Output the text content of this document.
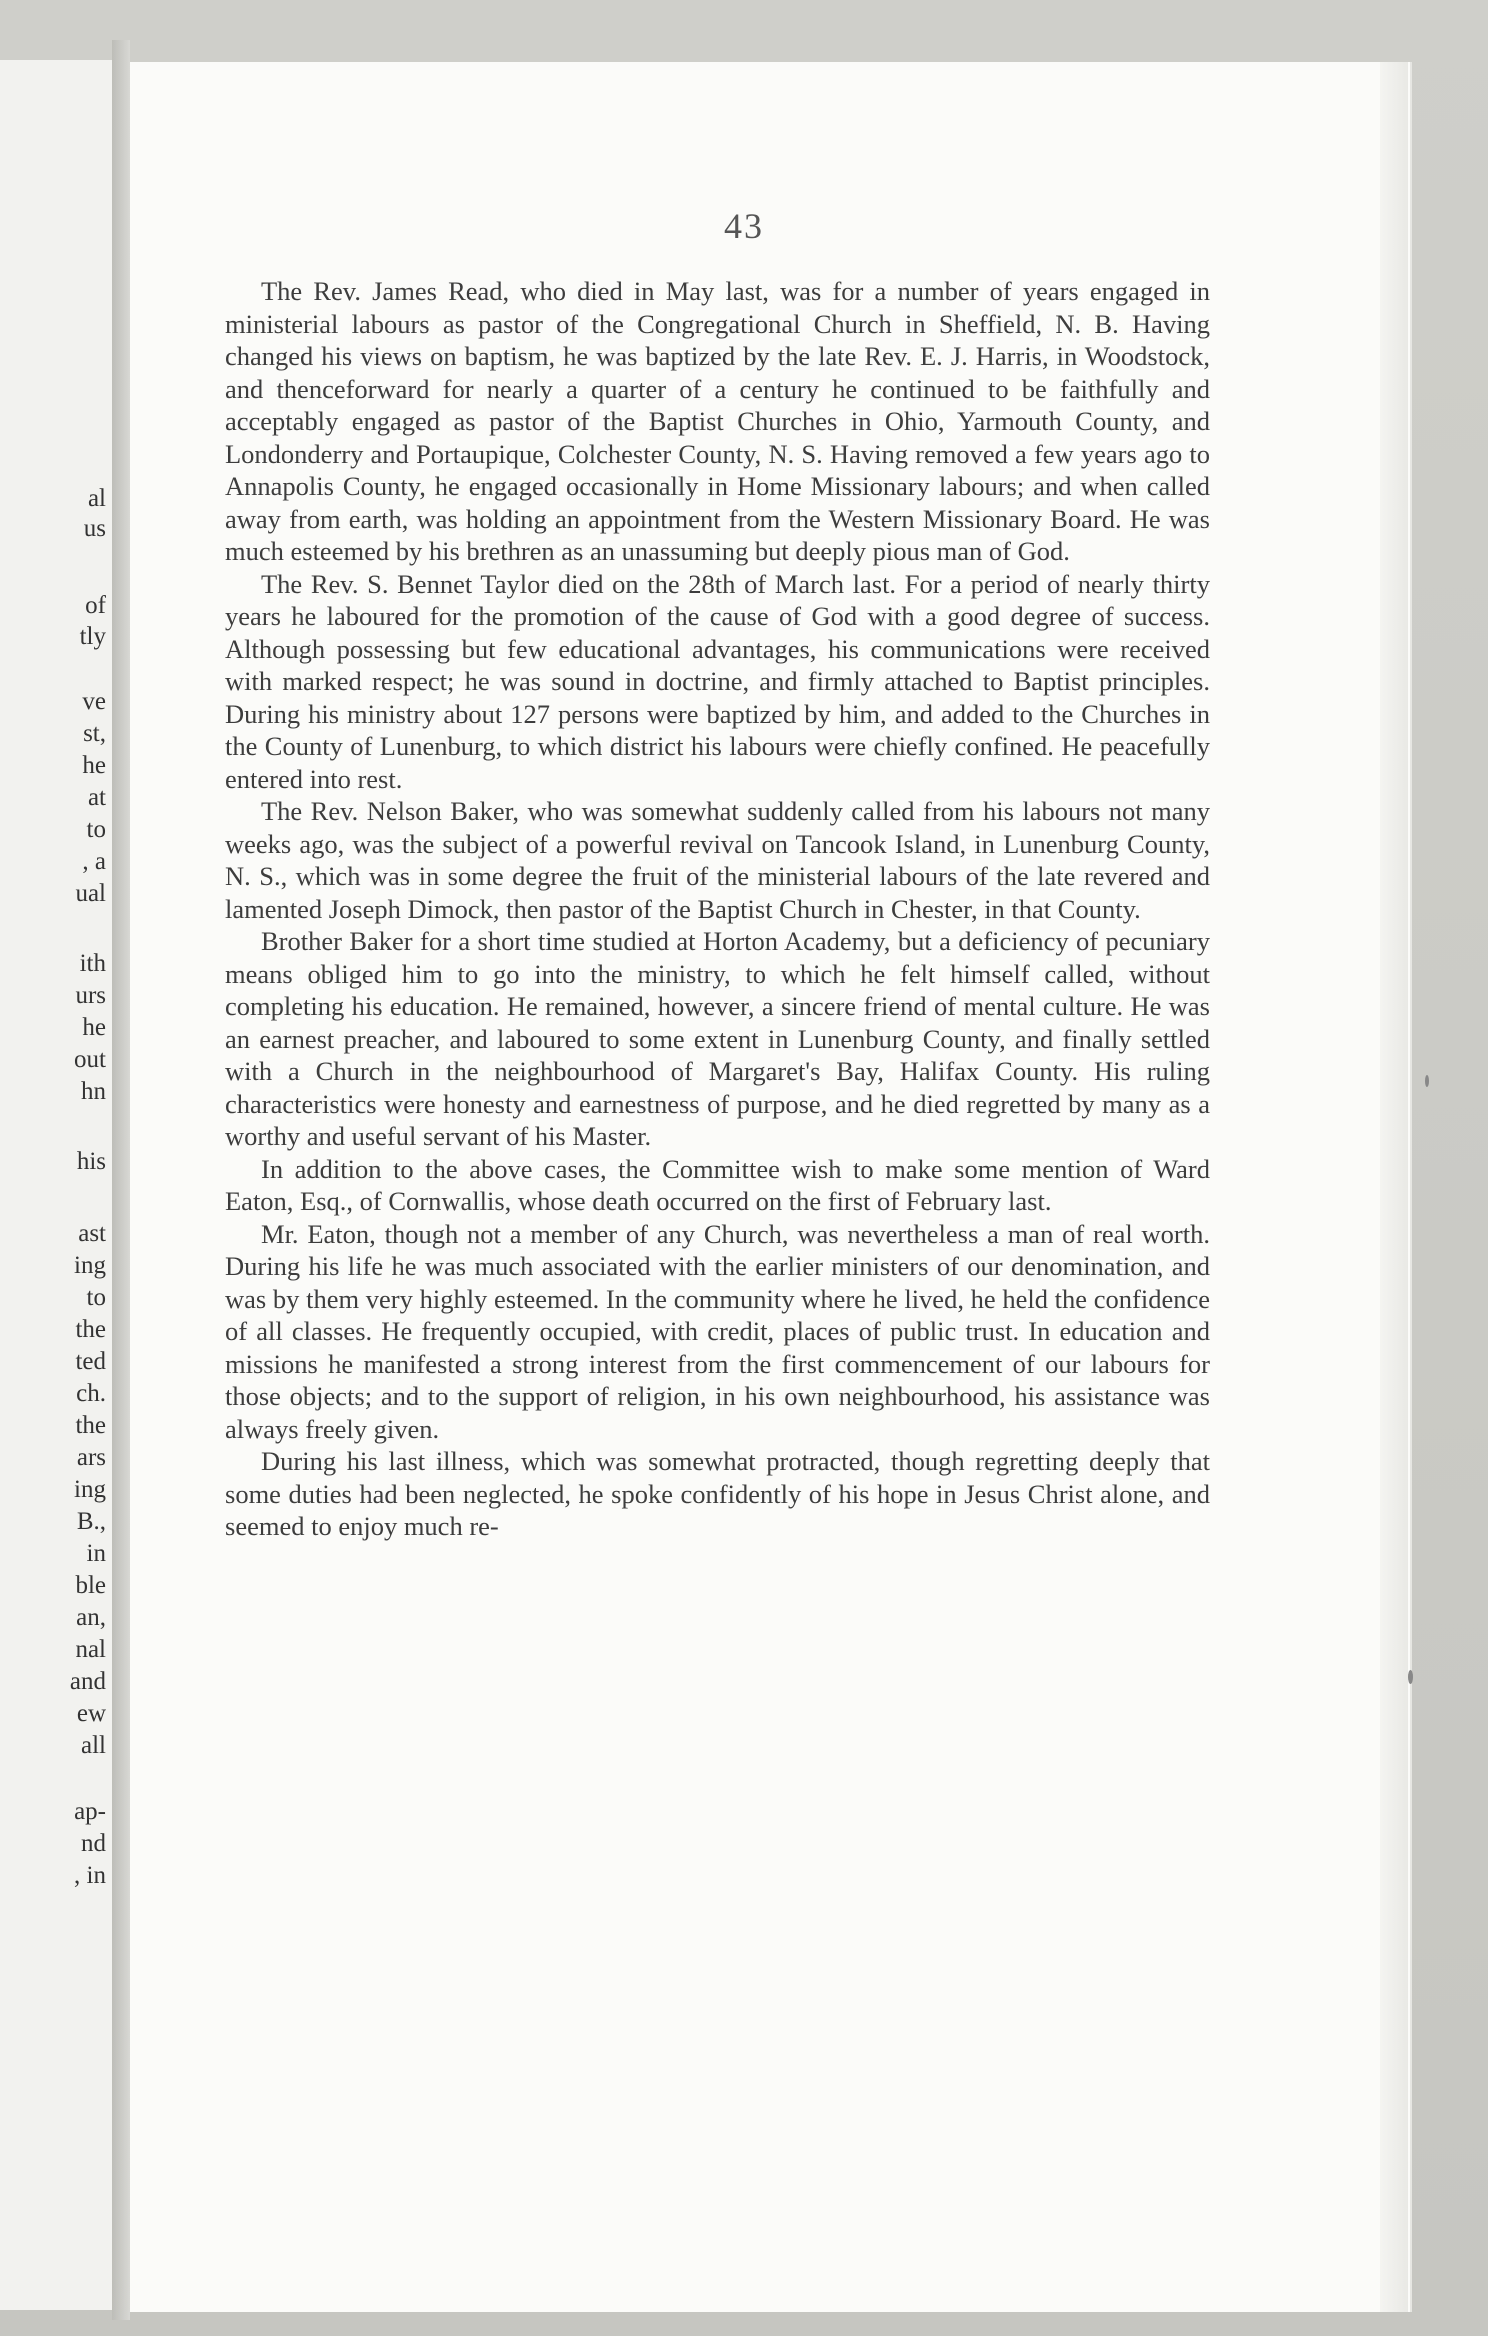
al
us
of
tly
ve
st,
he
at
to
, a
ual
ith
urs
he
out
hn
his
ast
ing
to
the
ted
ch.
the
ars
ing
B.,
in
ble
an,
nal
and
ew
all
ap-
nd
, in
43

The Rev. James Read, who died in May last, was for a number of years engaged in ministerial labours as pastor of the Congregational Church in Sheffield, N. B. Having changed his views on baptism, he was baptized by the late Rev. E. J. Harris, in Woodstock, and thenceforward for nearly a quarter of a century he continued to be faithfully and acceptably engaged as pastor of the Baptist Churches in Ohio, Yarmouth County, and Londonderry and Portaupique, Colchester County, N. S. Having removed a few years ago to Annapolis County, he engaged occasionally in Home Missionary labours; and when called away from earth, was holding an appointment from the Western Missionary Board. He was much esteemed by his brethren as an unassuming but deeply pious man of God.

The Rev. S. Bennet Taylor died on the 28th of March last. For a period of nearly thirty years he laboured for the promotion of the cause of God with a good degree of success. Although possessing but few educational advantages, his communications were received with marked respect; he was sound in doctrine, and firmly attached to Baptist principles. During his ministry about 127 persons were baptized by him, and added to the Churches in the County of Lunenburg, to which district his labours were chiefly confined. He peacefully entered into rest.

The Rev. Nelson Baker, who was somewhat suddenly called from his labours not many weeks ago, was the subject of a powerful revival on Tancook Island, in Lunenburg County, N. S., which was in some degree the fruit of the ministerial labours of the late revered and lamented Joseph Dimock, then pastor of the Baptist Church in Chester, in that County.

Brother Baker for a short time studied at Horton Academy, but a deficiency of pecuniary means obliged him to go into the ministry, to which he felt himself called, without completing his education. He remained, however, a sincere friend of mental culture. He was an earnest preacher, and laboured to some extent in Lunenburg County, and finally settled with a Church in the neighbourhood of Margaret's Bay, Halifax County. His ruling characteristics were honesty and earnestness of purpose, and he died regretted by many as a worthy and useful servant of his Master.

In addition to the above cases, the Committee wish to make some mention of Ward Eaton, Esq., of Cornwallis, whose death occurred on the first of February last.

Mr. Eaton, though not a member of any Church, was nevertheless a man of real worth. During his life he was much associated with the earlier ministers of our denomination, and was by them very highly esteemed. In the community where he lived, he held the confidence of all classes. He frequently occupied, with credit, places of public trust. In education and missions he manifested a strong interest from the first commencement of our labours for those objects; and to the support of religion, in his own neighbourhood, his assistance was always freely given.

During his last illness, which was somewhat protracted, though regretting deeply that some duties had been neglected, he spoke confidently of his hope in Jesus Christ alone, and seemed to enjoy much re-
